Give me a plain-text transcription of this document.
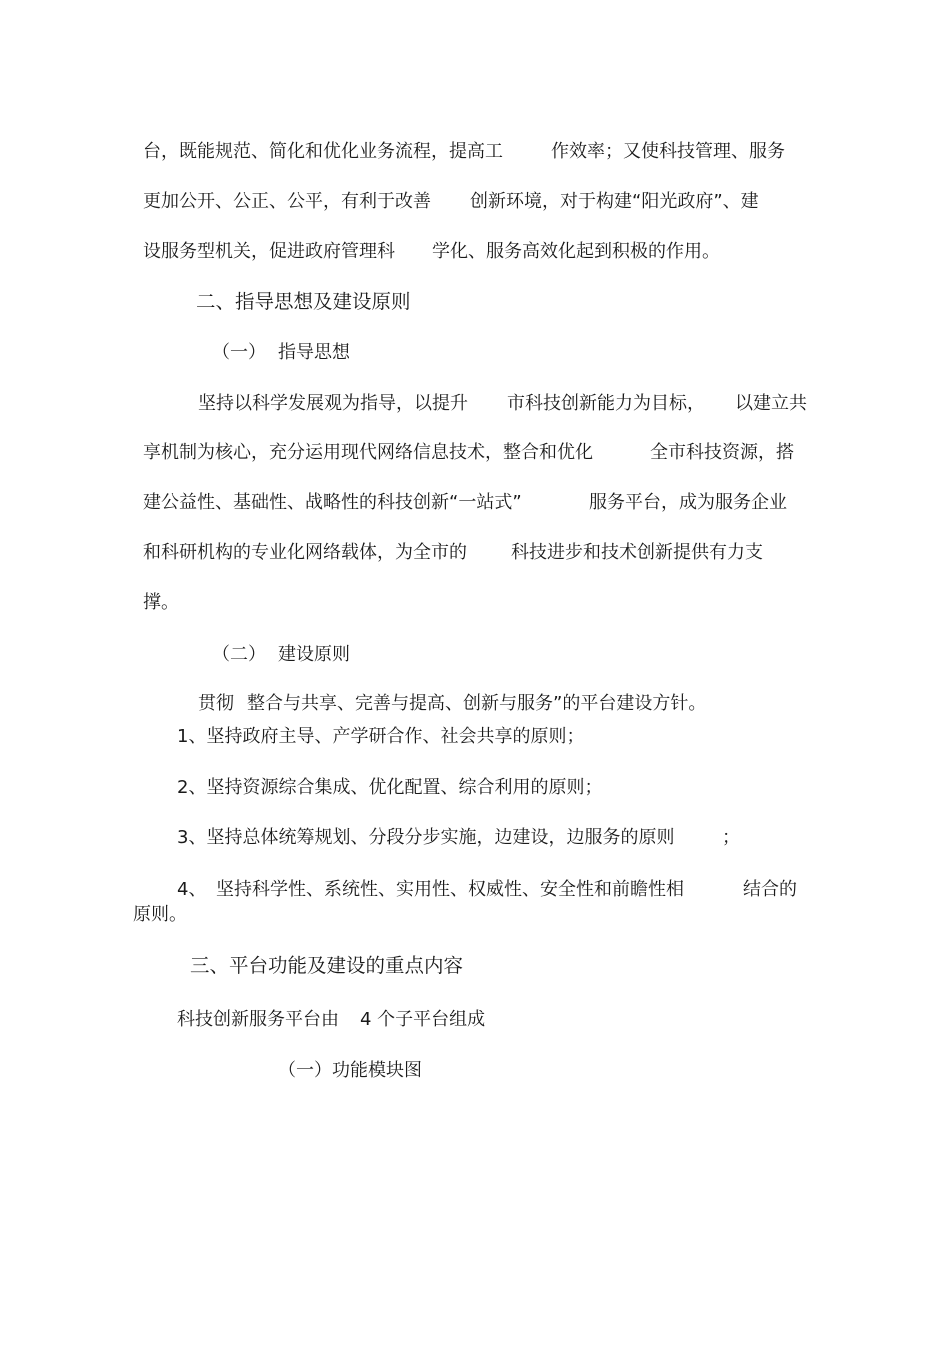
台，既能规范、简化和优化业务流程，提高工	作效率；又使科技管理、服务
更加公开、公正、公平，有利于改善 创新环境，对于构建“阳光政府”、建
设服务型机关，促进政府管理科 学化、服务高效化起到积极的作用。
二、指导思想及建设原则
（一） 指导思想
坚持以科学发展观为指导，以提升 市科技创新能力为目标， 以建立共
享机制为核心，充分运用现代网络信息技术，整合和优化	全市科技资源，搭
建公益性、基础性、战略性的科技创新“一站式”	服务平台，成为服务企业
和科研机构的专业化网络载体，为全市的 科技进步和技术创新提供有力支
撑。
（二） 建设原则
贯彻 整合与共享、完善与提高、创新与服务”的平台建设方针。
1、坚持政府主导、产学研合作、社会共享的原则；
2、坚持资源综合集成、优化配置、综合利用的原则；
3、坚持总体统筹规划、分段分步实施，边建设，边服务的原则	；
4、 坚持科学性、系统性、实用性、权威性、安全性和前瞻性相	结合的
原则。
三、平台功能及建设的重点内容
科技创新服务平台由 4 个子平台组成
（一）功能模块图
